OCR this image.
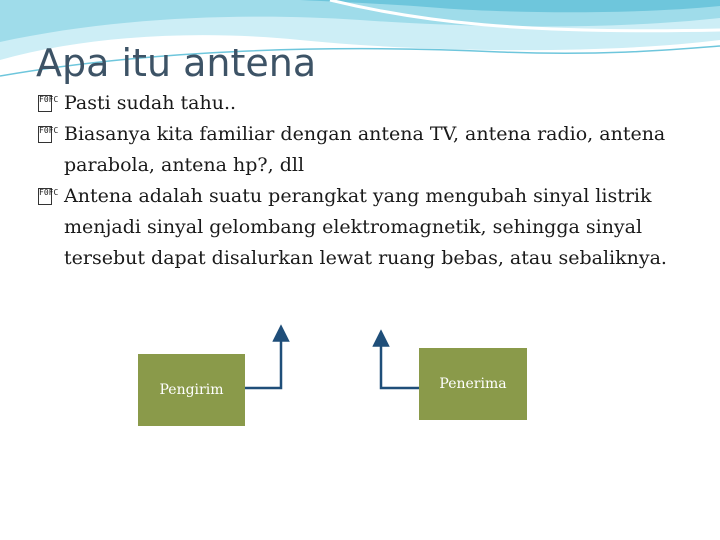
Apa itu antena
F0FC Pasti sudah tahu..
F0FC Biasanya kita familiar dengan antena TV, antena radio, antena parabola, antena hp?, dll
F0FC Antena adalah suatu perangkat yang mengubah sinyal listrik menjadi sinyal gelombang elektromagnetik, sehingga sinyal tersebut dapat disalurkan lewat ruang bebas, atau sebaliknya.
Pengirim	Penerima
